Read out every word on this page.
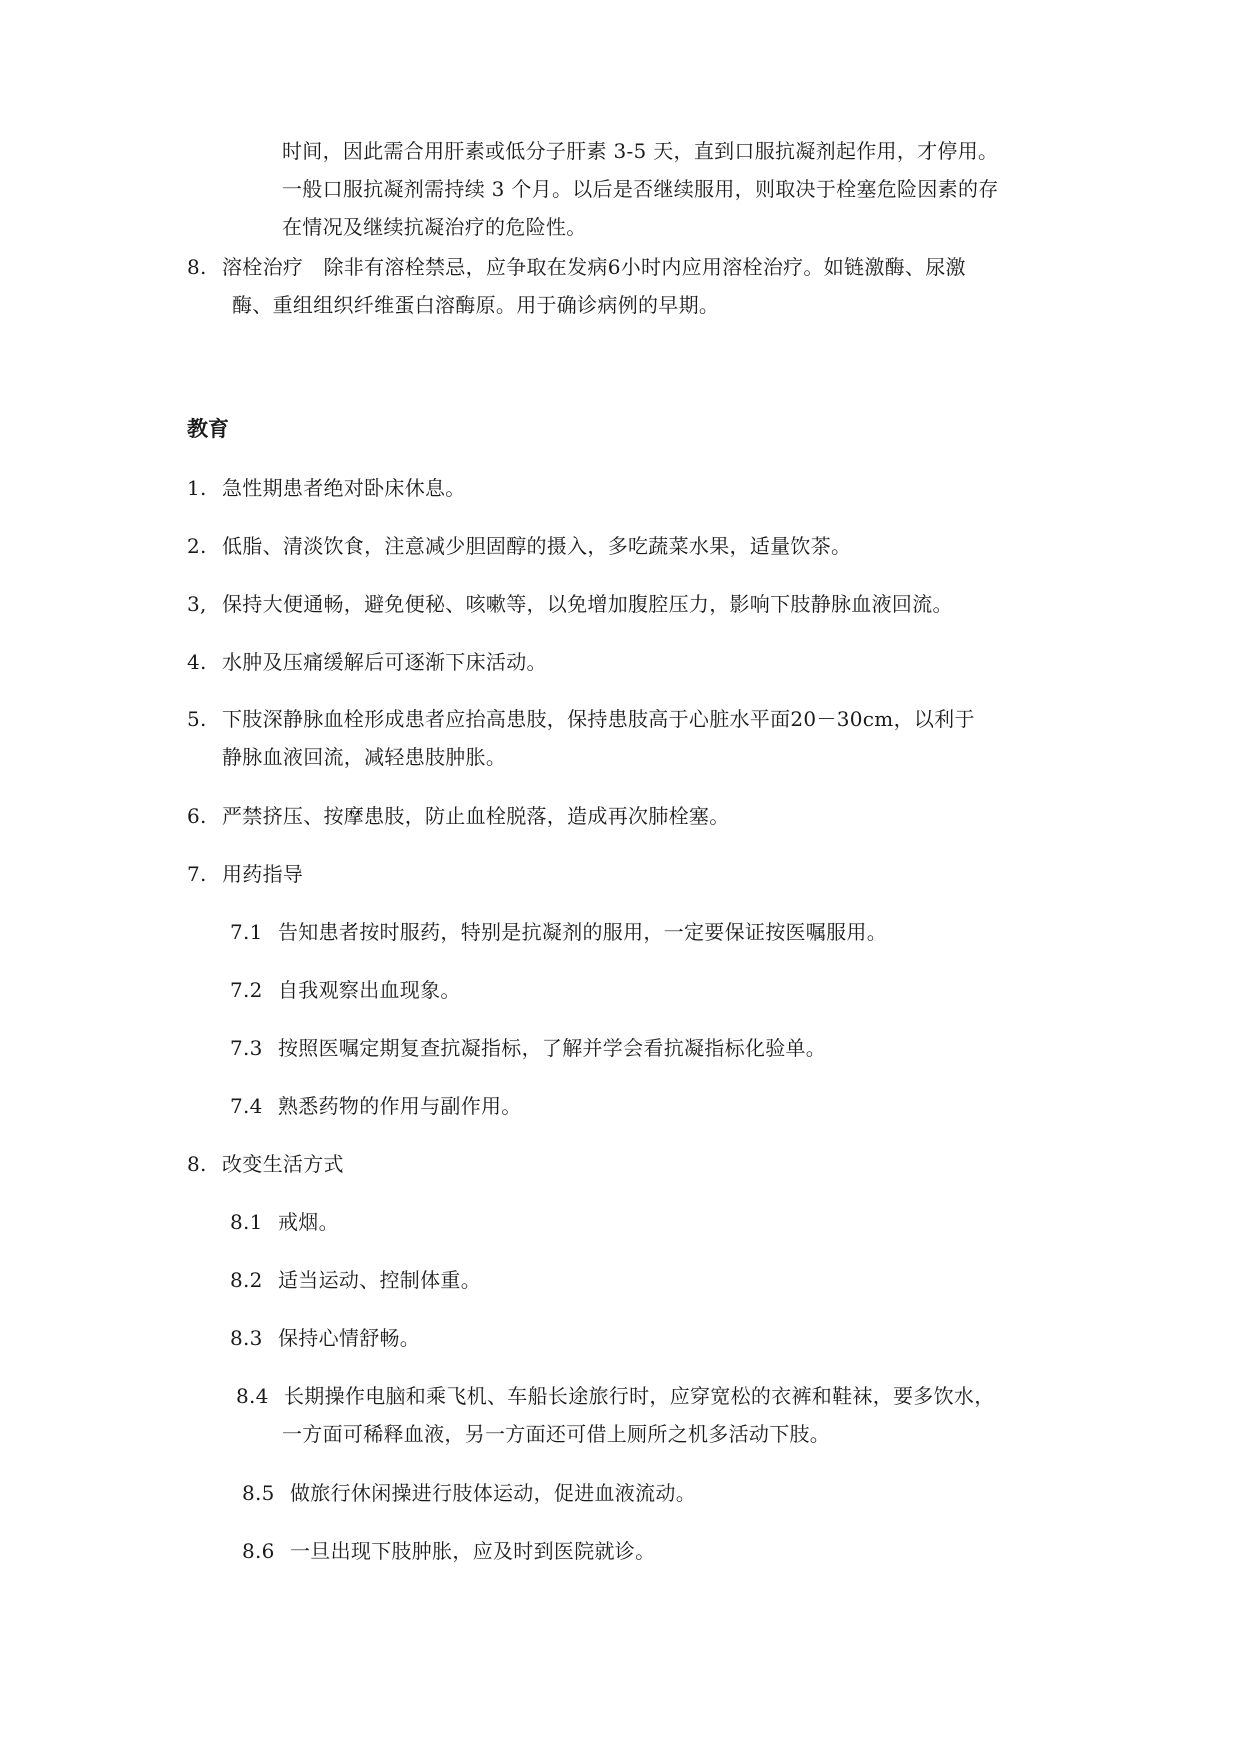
时间，因此需合用肝素或低分子肝素 3-5 天，直到口服抗凝剂起作用，才停用。
一般口服抗凝剂需持续 3 个月。以后是否继续服用，则取决于栓塞危险因素的存
在情况及继续抗凝治疗的危险性。
8. 溶栓治疗　除非有溶栓禁忌，应争取在发病6小时内应用溶栓治疗。如链激酶、尿激
酶、重组组织纤维蛋白溶酶原。用于确诊病例的早期。
教育
1. 急性期患者绝对卧床休息。
2. 低脂、清淡饮食，注意减少胆固醇的摄入，多吃蔬菜水果，适量饮茶。
3, 保持大便通畅，避免便秘、咳嗽等，以免增加腹腔压力，影响下肢静脉血液回流。
4. 水肿及压痛缓解后可逐渐下床活动。
5. 下肢深静脉血栓形成患者应抬高患肢，保持患肢高于心脏水平面20－30cm，以利于
静脉血液回流，减轻患肢肿胀。
6. 严禁挤压、按摩患肢，防止血栓脱落，造成再次肺栓塞。
7. 用药指导
7.1 告知患者按时服药，特别是抗凝剂的服用，一定要保证按医嘱服用。
7.2 自我观察出血现象。
7.3 按照医嘱定期复查抗凝指标，了解并学会看抗凝指标化验单。
7.4 熟悉药物的作用与副作用。
8. 改变生活方式
8.1 戒烟。
8.2 适当运动、控制体重。
8.3 保持心情舒畅。
8.4 长期操作电脑和乘飞机、车船长途旅行时，应穿宽松的衣裤和鞋袜，要多饮水，
一方面可稀释血液，另一方面还可借上厕所之机多活动下肢。
8.5 做旅行休闲操进行肢体运动，促进血液流动。
8.6 一旦出现下肢肿胀，应及时到医院就诊。
